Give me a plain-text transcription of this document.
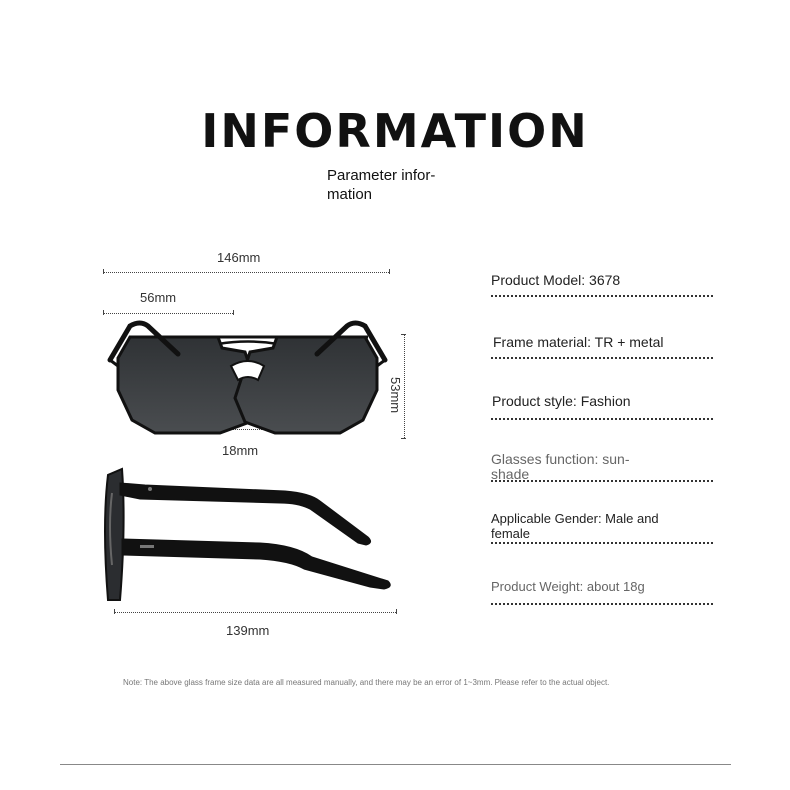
INFORMATION
Parameter infor- mation
146mm
56mm
53mm
18mm
139mm
Product Model: 3678
Frame material: TR + metal
Product style: Fashion
Glasses function: sun- shade
Applicable Gender: Male and female
Product Weight: about 18g
Note: The above glass frame size data are all measured manually, and there may be an error of 1~3mm. Please refer to the actual object.
